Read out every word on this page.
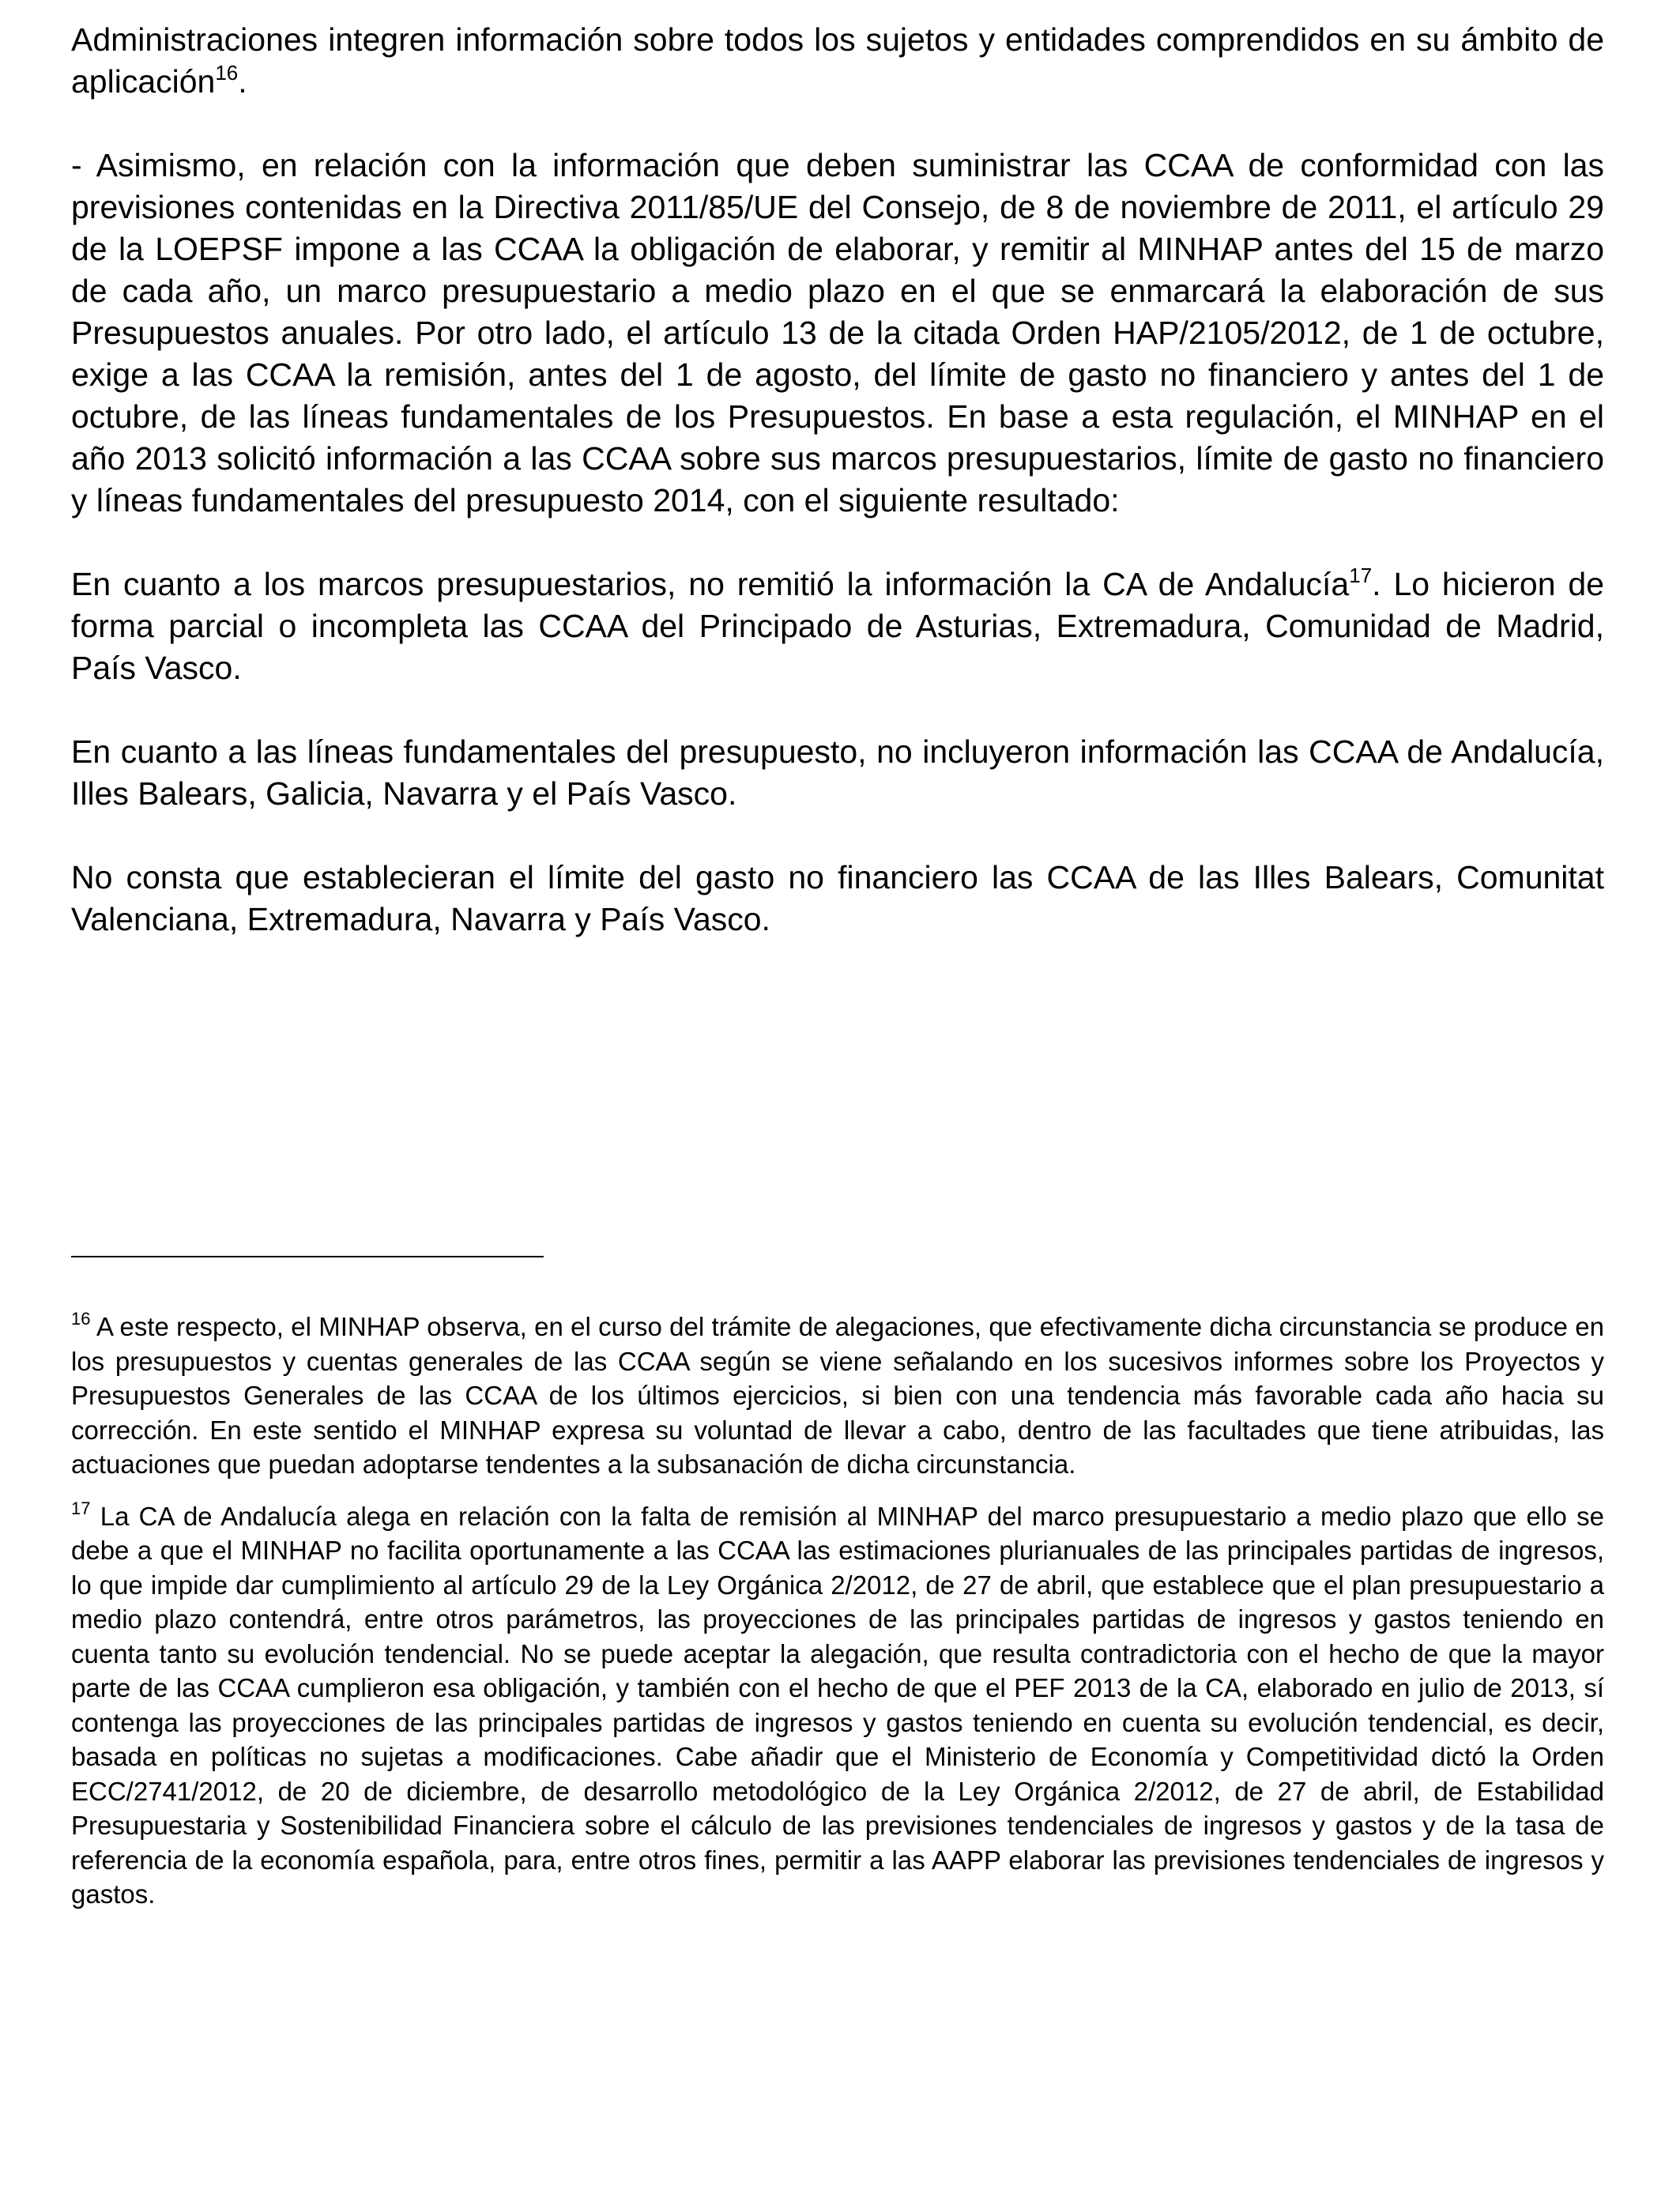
Administraciones integren información sobre todos los sujetos y entidades comprendidos en su ámbito de aplicación$^{16}$.

- Asimismo, en relación con la información que deben suministrar las CCAA de conformidad con las previsiones contenidas en la Directiva 2011/85/UE del Consejo, de 8 de noviembre de 2011, el artículo 29 de la LOEPSF impone a las CCAA la obligación de elaborar, y remitir al MINHAP antes del 15 de marzo de cada año, un marco presupuestario a medio plazo en el que se enmarcará la elaboración de sus Presupuestos anuales. Por otro lado, el artículo 13 de la citada Orden HAP/2105/2012, de 1 de octubre, exige a las CCAA la remisión, antes del 1 de agosto, del límite de gasto no financiero y antes del 1 de octubre, de las líneas fundamentales de los Presupuestos. En base a esta regulación, el MINHAP en el año 2013 solicitó información a las CCAA sobre sus marcos presupuestarios, límite de gasto no financiero y líneas fundamentales del presupuesto 2014, con el siguiente resultado:

En cuanto a los marcos presupuestarios, no remitió la información la CA de Andalucía$^{17}$. Lo hicieron de forma parcial o incompleta las CCAA del Principado de Asturias, Extremadura, Comunidad de Madrid, País Vasco.

En cuanto a las líneas fundamentales del presupuesto, no incluyeron información las CCAA de Andalucía, Illes Balears, Galicia, Navarra y el País Vasco.

No consta que establecieran el límite del gasto no financiero las CCAA de las Illes Balears, Comunitat Valenciana, Extremadura, Navarra y País Vasco.

$^{16}$ A este respecto, el MINHAP observa, en el curso del trámite de alegaciones, que efectivamente dicha circunstancia se produce en los presupuestos y cuentas generales de las CCAA según se viene señalando en los sucesivos informes sobre los Proyectos y Presupuestos Generales de las CCAA de los últimos ejercicios, si bien con una tendencia más favorable cada año hacia su corrección. En este sentido el MINHAP expresa su voluntad de llevar a cabo, dentro de las facultades que tiene atribuidas, las actuaciones que puedan adoptarse tendentes a la subsanación de dicha circunstancia.

$^{17}$ La CA de Andalucía alega en relación con la falta de remisión al MINHAP del marco presupuestario a medio plazo que ello se debe a que el MINHAP no facilita oportunamente a las CCAA las estimaciones plurianuales de las principales partidas de ingresos, lo que impide dar cumplimiento al artículo 29 de la Ley Orgánica 2/2012, de 27 de abril, que establece que el plan presupuestario a medio plazo contendrá, entre otros parámetros, las proyecciones de las principales partidas de ingresos y gastos teniendo en cuenta tanto su evolución tendencial. No se puede aceptar la alegación, que resulta contradictoria con el hecho de que la mayor parte de las CCAA cumplieron esa obligación, y también con el hecho de que el PEF 2013 de la CA, elaborado en julio de 2013, sí contenga las proyecciones de las principales partidas de ingresos y gastos teniendo en cuenta su evolución tendencial, es decir, basada en políticas no sujetas a modificaciones. Cabe añadir que el Ministerio de Economía y Competitividad dictó la Orden ECC/2741/2012, de 20 de diciembre, de desarrollo metodológico de la Ley Orgánica 2/2012, de 27 de abril, de Estabilidad Presupuestaria y Sostenibilidad Financiera sobre el cálculo de las previsiones tendenciales de ingresos y gastos y de la tasa de referencia de la economía española, para, entre otros fines, permitir a las AAPP elaborar las previsiones tendenciales de ingresos y gastos.
